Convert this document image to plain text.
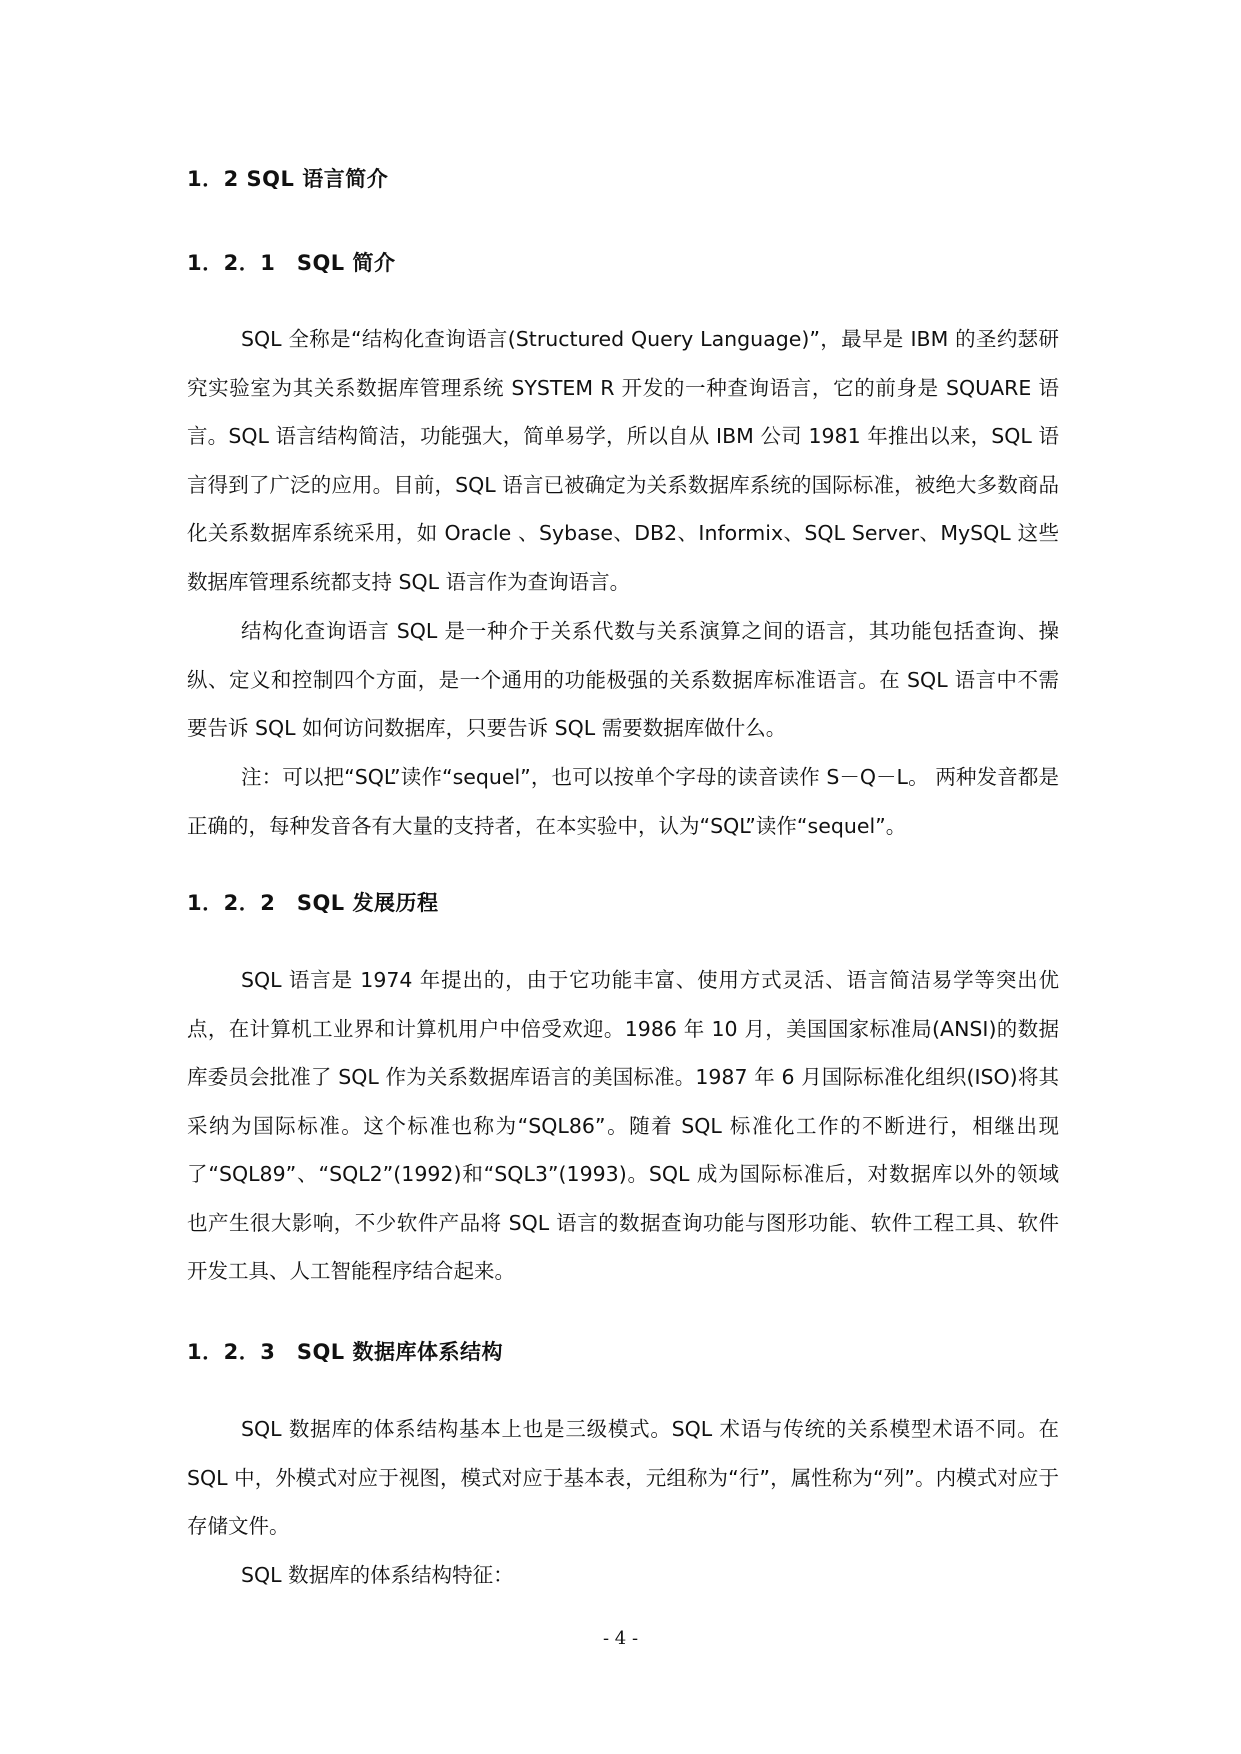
1．2 SQL 语言简介
1．2．1　SQL 简介

SQL 全称是“结构化查询语言(Structured Query Language)”，最早是 IBM 的圣约瑟研究实验室为其关系数据库管理系统 SYSTEM R 开发的一种查询语言，它的前身是 SQUARE 语言。SQL 语言结构简洁，功能强大，简单易学，所以自从 IBM 公司 1981 年推出以来，SQL 语言得到了广泛的应用。目前，SQL 语言已被确定为关系数据库系统的国际标准，被绝大多数商品化关系数据库系统采用，如 Oracle 、Sybase、DB2、Informix、SQL Server、MySQL 这些数据库管理系统都支持 SQL 语言作为查询语言。

结构化查询语言 SQL 是一种介于关系代数与关系演算之间的语言，其功能包括查询、操纵、定义和控制四个方面，是一个通用的功能极强的关系数据库标准语言。在 SQL 语言中不需要告诉 SQL 如何访问数据库，只要告诉 SQL 需要数据库做什么。

注：可以把“SQL”读作“sequel”，也可以按单个字母的读音读作 S－Q－L。 两种发音都是正确的，每种发音各有大量的支持者，在本实验中，认为“SQL”读作“sequel”。

1．2．2　SQL 发展历程

SQL 语言是 1974 年提出的，由于它功能丰富、使用方式灵活、语言简洁易学等突出优点，在计算机工业界和计算机用户中倍受欢迎。1986 年 10 月，美国国家标准局(ANSI)的数据库委员会批准了 SQL 作为关系数据库语言的美国标准。1987 年 6 月国际标准化组织(ISO)将其采纳为国际标准。这个标准也称为“SQL86”。随着 SQL 标准化工作的不断进行，相继出现了“SQL89”、“SQL2”(1992)和“SQL3”(1993)。SQL 成为国际标准后，对数据库以外的领域也产生很大影响，不少软件产品将 SQL 语言的数据查询功能与图形功能、软件工程工具、软件开发工具、人工智能程序结合起来。

1．2．3　SQL 数据库体系结构

SQL 数据库的体系结构基本上也是三级模式。SQL 术语与传统的关系模型术语不同。在 SQL 中，外模式对应于视图，模式对应于基本表，元组称为“行”，属性称为“列”。内模式对应于存储文件。

SQL 数据库的体系结构特征：

- 4 -
